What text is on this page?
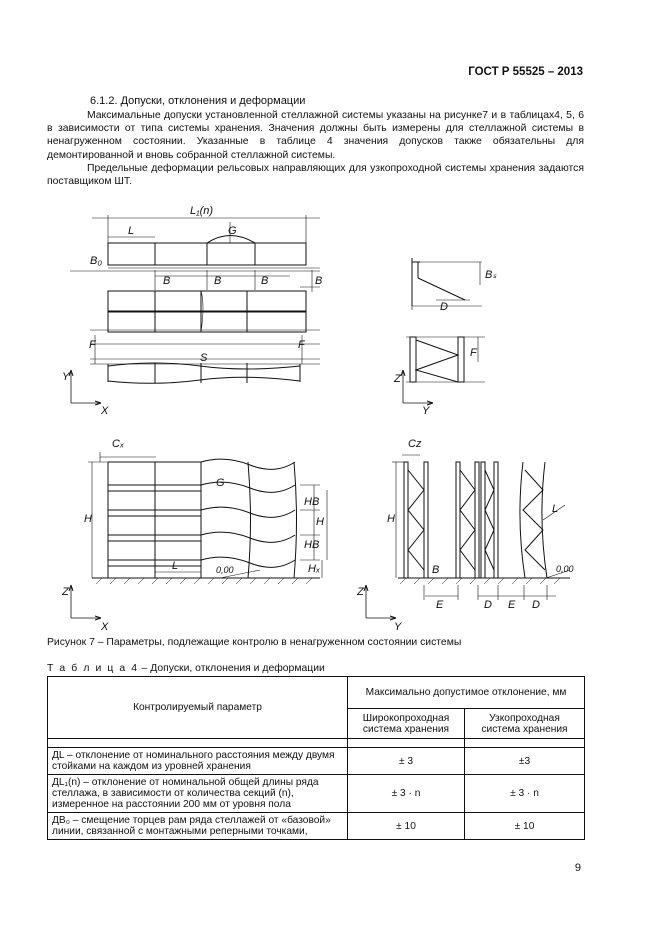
ГОСТ Р 55525 – 2013
6.1.2. Допуски, отклонения и деформации
Максимальные допуски установленной стеллажной системы указаны на рисунке7 и в таблицах4, 5, 6 в зависимости от типа системы хранения. Значения должны быть измерены для стеллажной системы в ненагруженном состоянии. Указанные в таблице 4 значения допусков также обязательны для демонтированной и вновь собранной стеллажной системы.
Предельные деформации рельсовых направляющих для узкопроходной системы хранения задаются поставщиком ШТ.
L₁(n)
L	G
B₀
B	B	B	B
F	F
S
Y
X
Bₛ
D
F
Z
Y
Cₓ
H
G
HB
HB
H
Hₓ
L	0,00
Z
X
Cz
H
B
E	D E D
L
0,00
Z
Y
Рисунок 7 – Параметры, подлежащие контролю в ненагруженном состоянии системы
Т а б л и ц а 4 – Допуски, отклонения и деформации
Контролируемый параметр	Максимально допустимое отклонение, мм	
	Широкопроходная система хранения	Узкопроходная система хранения

ДL – отклонение от номинального расстояния между двумя стойками на каждом из уровней хранения	± 3	±3
ДL₁(n) – отклонение от номинальной общей длины ряда стеллажа, в зависимости от количества секций (n), измеренное на расстоянии 200 мм от уровня пола	± 3 · n	± 3 · n
ДB₀ – смещение торцев рам ряда стеллажей от «базовой» линии, связанной с монтажными реперными точками,	± 10	± 10
9
